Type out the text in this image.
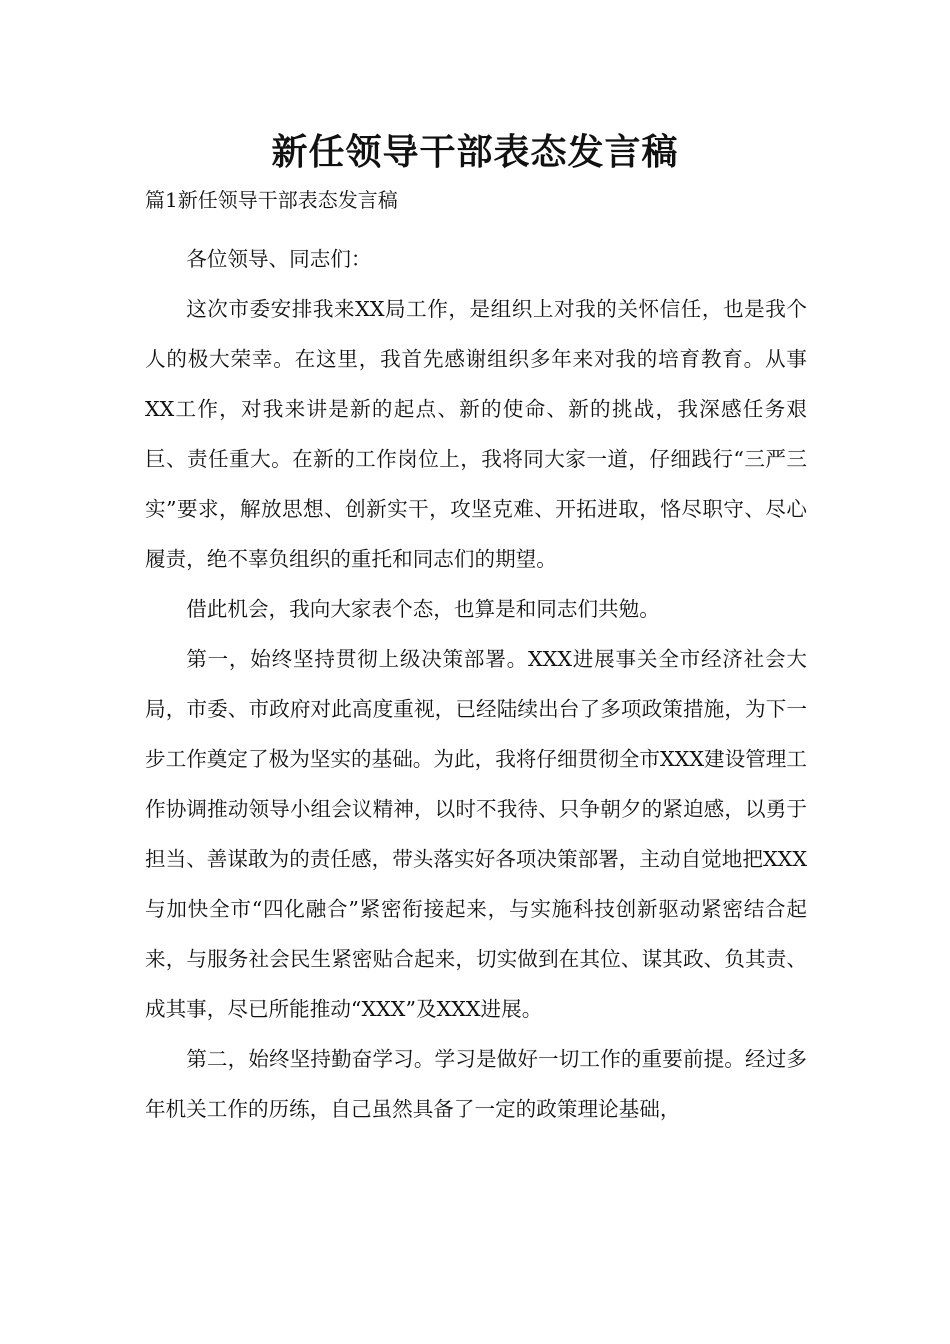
新任领导干部表态发言稿
篇1新任领导干部表态发言稿

各位领导、同志们：

这次市委安排我来XX局工作，是组织上对我的关怀信任，也是我个人的极大荣幸。在这里，我首先感谢组织多年来对我的培育教育。从事XX工作，对我来讲是新的起点、新的使命、新的挑战，我深感任务艰巨、责任重大。在新的工作岗位上，我将同大家一道，仔细践行“三严三实”要求，解放思想、创新实干，攻坚克难、开拓进取，恪尽职守、尽心履责，绝不辜负组织的重托和同志们的期望。

借此机会，我向大家表个态，也算是和同志们共勉。

第一，始终坚持贯彻上级决策部署。XXX进展事关全市经济社会大局，市委、市政府对此高度重视，已经陆续出台了多项政策措施，为下一步工作奠定了极为坚实的基础。为此，我将仔细贯彻全市XXX建设管理工作协调推动领导小组会议精神，以时不我待、只争朝夕的紧迫感，以勇于担当、善谋敢为的责任感，带头落实好各项决策部署，主动自觉地把XXX与加快全市“四化融合”紧密衔接起来，与实施科技创新驱动紧密结合起来，与服务社会民生紧密贴合起来，切实做到在其位、谋其政、负其责、成其事，尽已所能推动“XXX”及XXX进展。

第二，始终坚持勤奋学习。学习是做好一切工作的重要前提。经过多年机关工作的历练，自己虽然具备了一定的政策理论基础，
